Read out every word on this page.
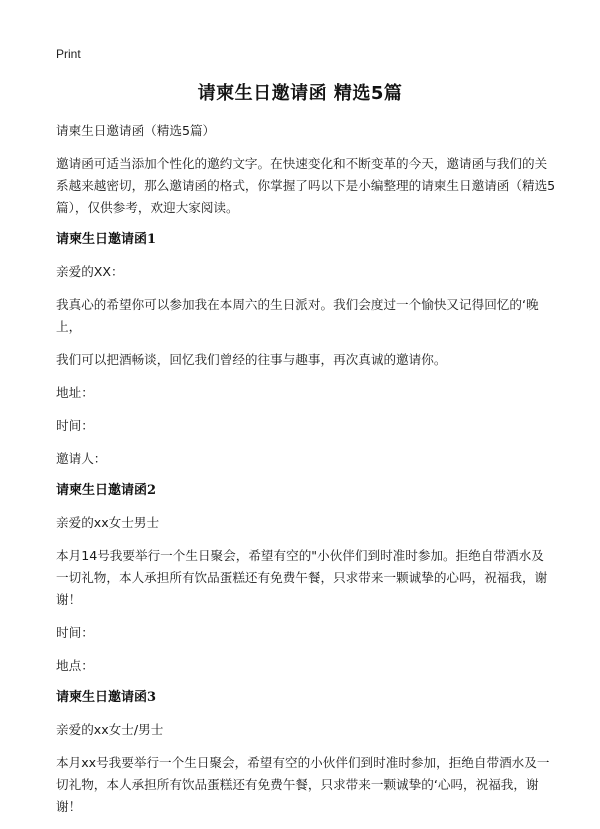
Print
请柬生日邀请函 精选5篇

请柬生日邀请函（精选5篇）

邀请函可适当添加个性化的邀约文字。在快速变化和不断变革的今天，邀请函与我们的关系越来越密切，那么邀请函的格式，你掌握了吗以下是小编整理的请柬生日邀请函（精选5篇），仅供参考，欢迎大家阅读。

请柬生日邀请函1

亲爱的XX：

我真心的希望你可以参加我在本周六的生日派对。我们会度过一个愉快又记得回忆的‘晚上，

我们可以把酒畅谈，回忆我们曾经的往事与趣事，再次真诚的邀请你。

地址：

时间：

邀请人：

请柬生日邀请函2

亲爱的xx女士男士

本月14号我要举行一个生日聚会，希望有空的"小伙伴们到时准时参加。拒绝自带酒水及一切礼物，本人承担所有饮品蛋糕还有免费午餐，只求带来一颗诚挚的心吗，祝福我，谢谢！

时间：

地点：

请柬生日邀请函3

亲爱的xx女士/男士

本月xx号我要举行一个生日聚会，希望有空的小伙伴们到时准时参加，拒绝自带酒水及一切礼物，本人承担所有饮品蛋糕还有免费午餐，只求带来一颗诚挚的‘心吗，祝福我，谢谢！
